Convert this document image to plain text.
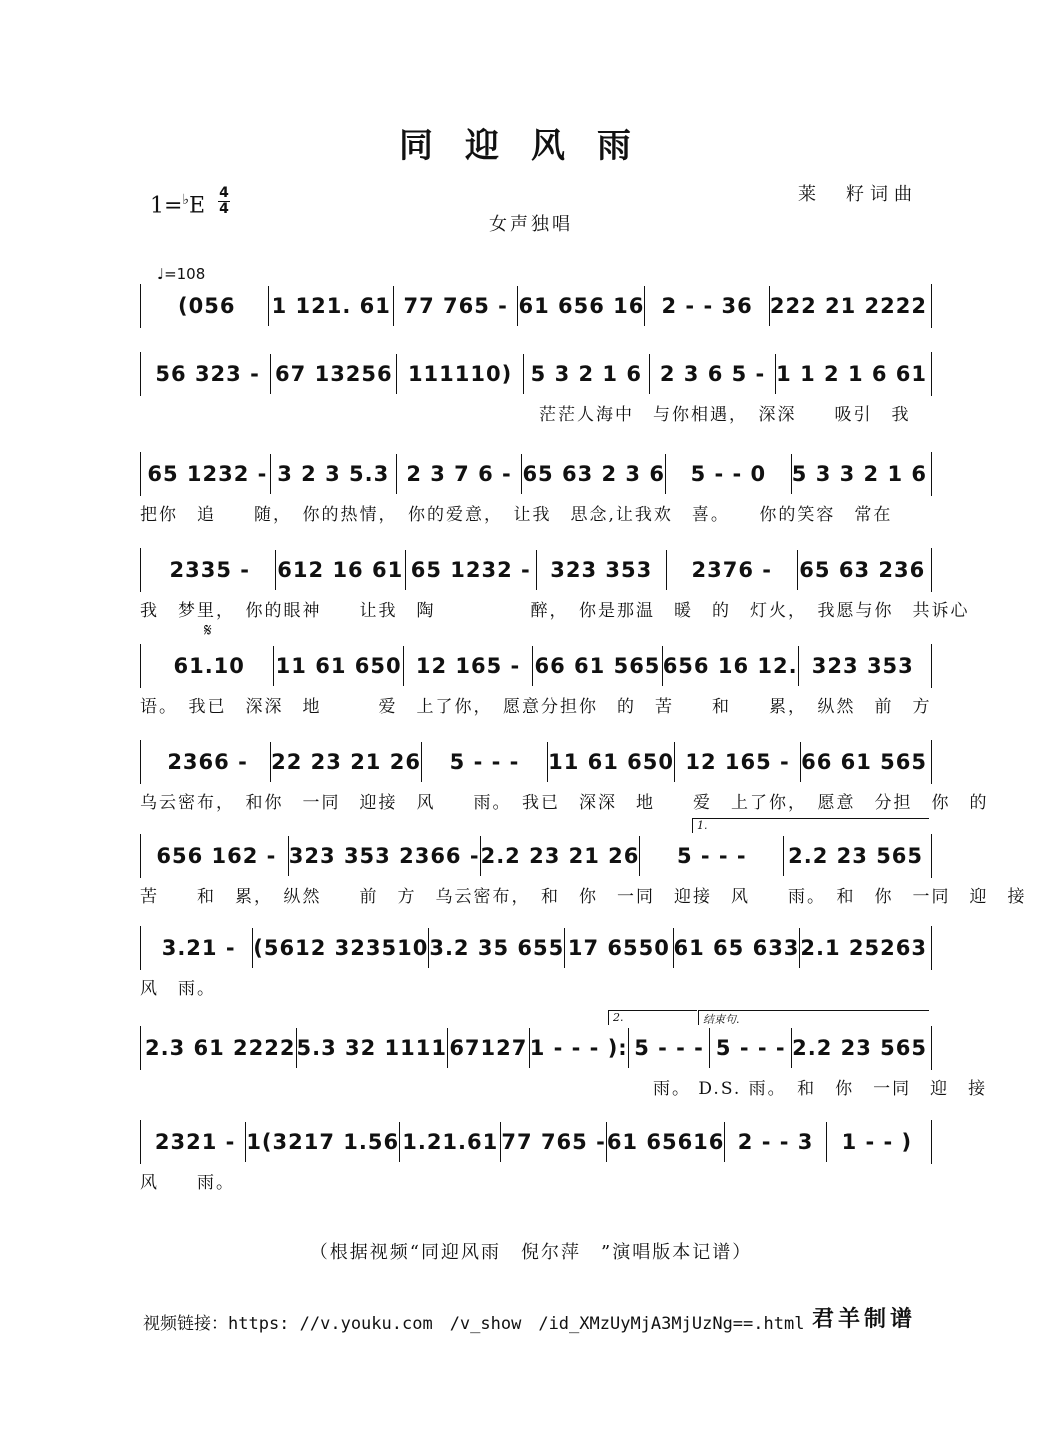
同迎风雨
1=♭E
4
4
女声独唱
莱　籽词曲
♩=108
𝄋
(056	1 121. 61 77 765 - 61 656 16 2 - - 36 222 21 2222
56 323 - 67 13256 111110) 5 3 2 1 6 2 3 6 5 - 1 1 2 1 6 61
　　　　　　　　　　　　　　　　　　　　　茫茫人海中　与你相遇，　深深　　吸引　我
65 1232 - 3 2 3 5.3 2 3 7 6 - 65 63 2 3 6	5 - - 0	5 3 3 2 1 6
把你　追　　随，　你的热情，　你的爱意，　让我　思念,让我欢　喜。　　你的笑容　常在
2335 -	612 16 61 65 1232 - 323 353	2376 -	65 63 236
我　梦里，　你的眼神　　让我　陶　　　　　醉，　你是那温　暖　的　灯火，　我愿与你　共诉心
61.10	11 61 650 12 165 - 66 61 565 656 16 12. 323 353
语。　我已　深深　地　　　爱　上了你，　愿意分担你　的　苦　　和　　累，　纵然　前　方
2366 -	22 23 21 26	5 - - -	11 61 650 12 165 - 66 61 565
乌云密布，　和你　一同　迎接　风　　雨。　我已　深深　地　　爱　上了你，　愿意　分担　你　的
656 162 - 323 353 2366 - 2.2 23 21 26	5 - - -	2.2 23 565
苦　　和　累，　纵然　　前　方　乌云密布，　和　你　一同　迎接　风　　雨。　和　你　一同　迎　接
3.21 - (5612 323510 3.2 35 655 17 6550 61 65 633 2.1 25263
风　雨。
2.3 61 2222 5.3 32 1111 67127 1 - - - ): 5 - - - 5 - - - 2.2 23 565
　　　　　　　　　　　　　　　　　　　　　　　　　　　雨。 D.S. 雨。　和　你　一同　迎　接
2321 - 1(3217 1.56 1.21.61 77 765 - 61 65616 2 - - 3	1 - - )
风　　雨。
1.
2.	结束句.
（根据视频“同迎风雨　倪尔萍　”演唱版本记谱）
视频链接：https: //v.youku.com　/v_show　/id_XMzUyMjA3MjUzNg==.html 君羊制谱
